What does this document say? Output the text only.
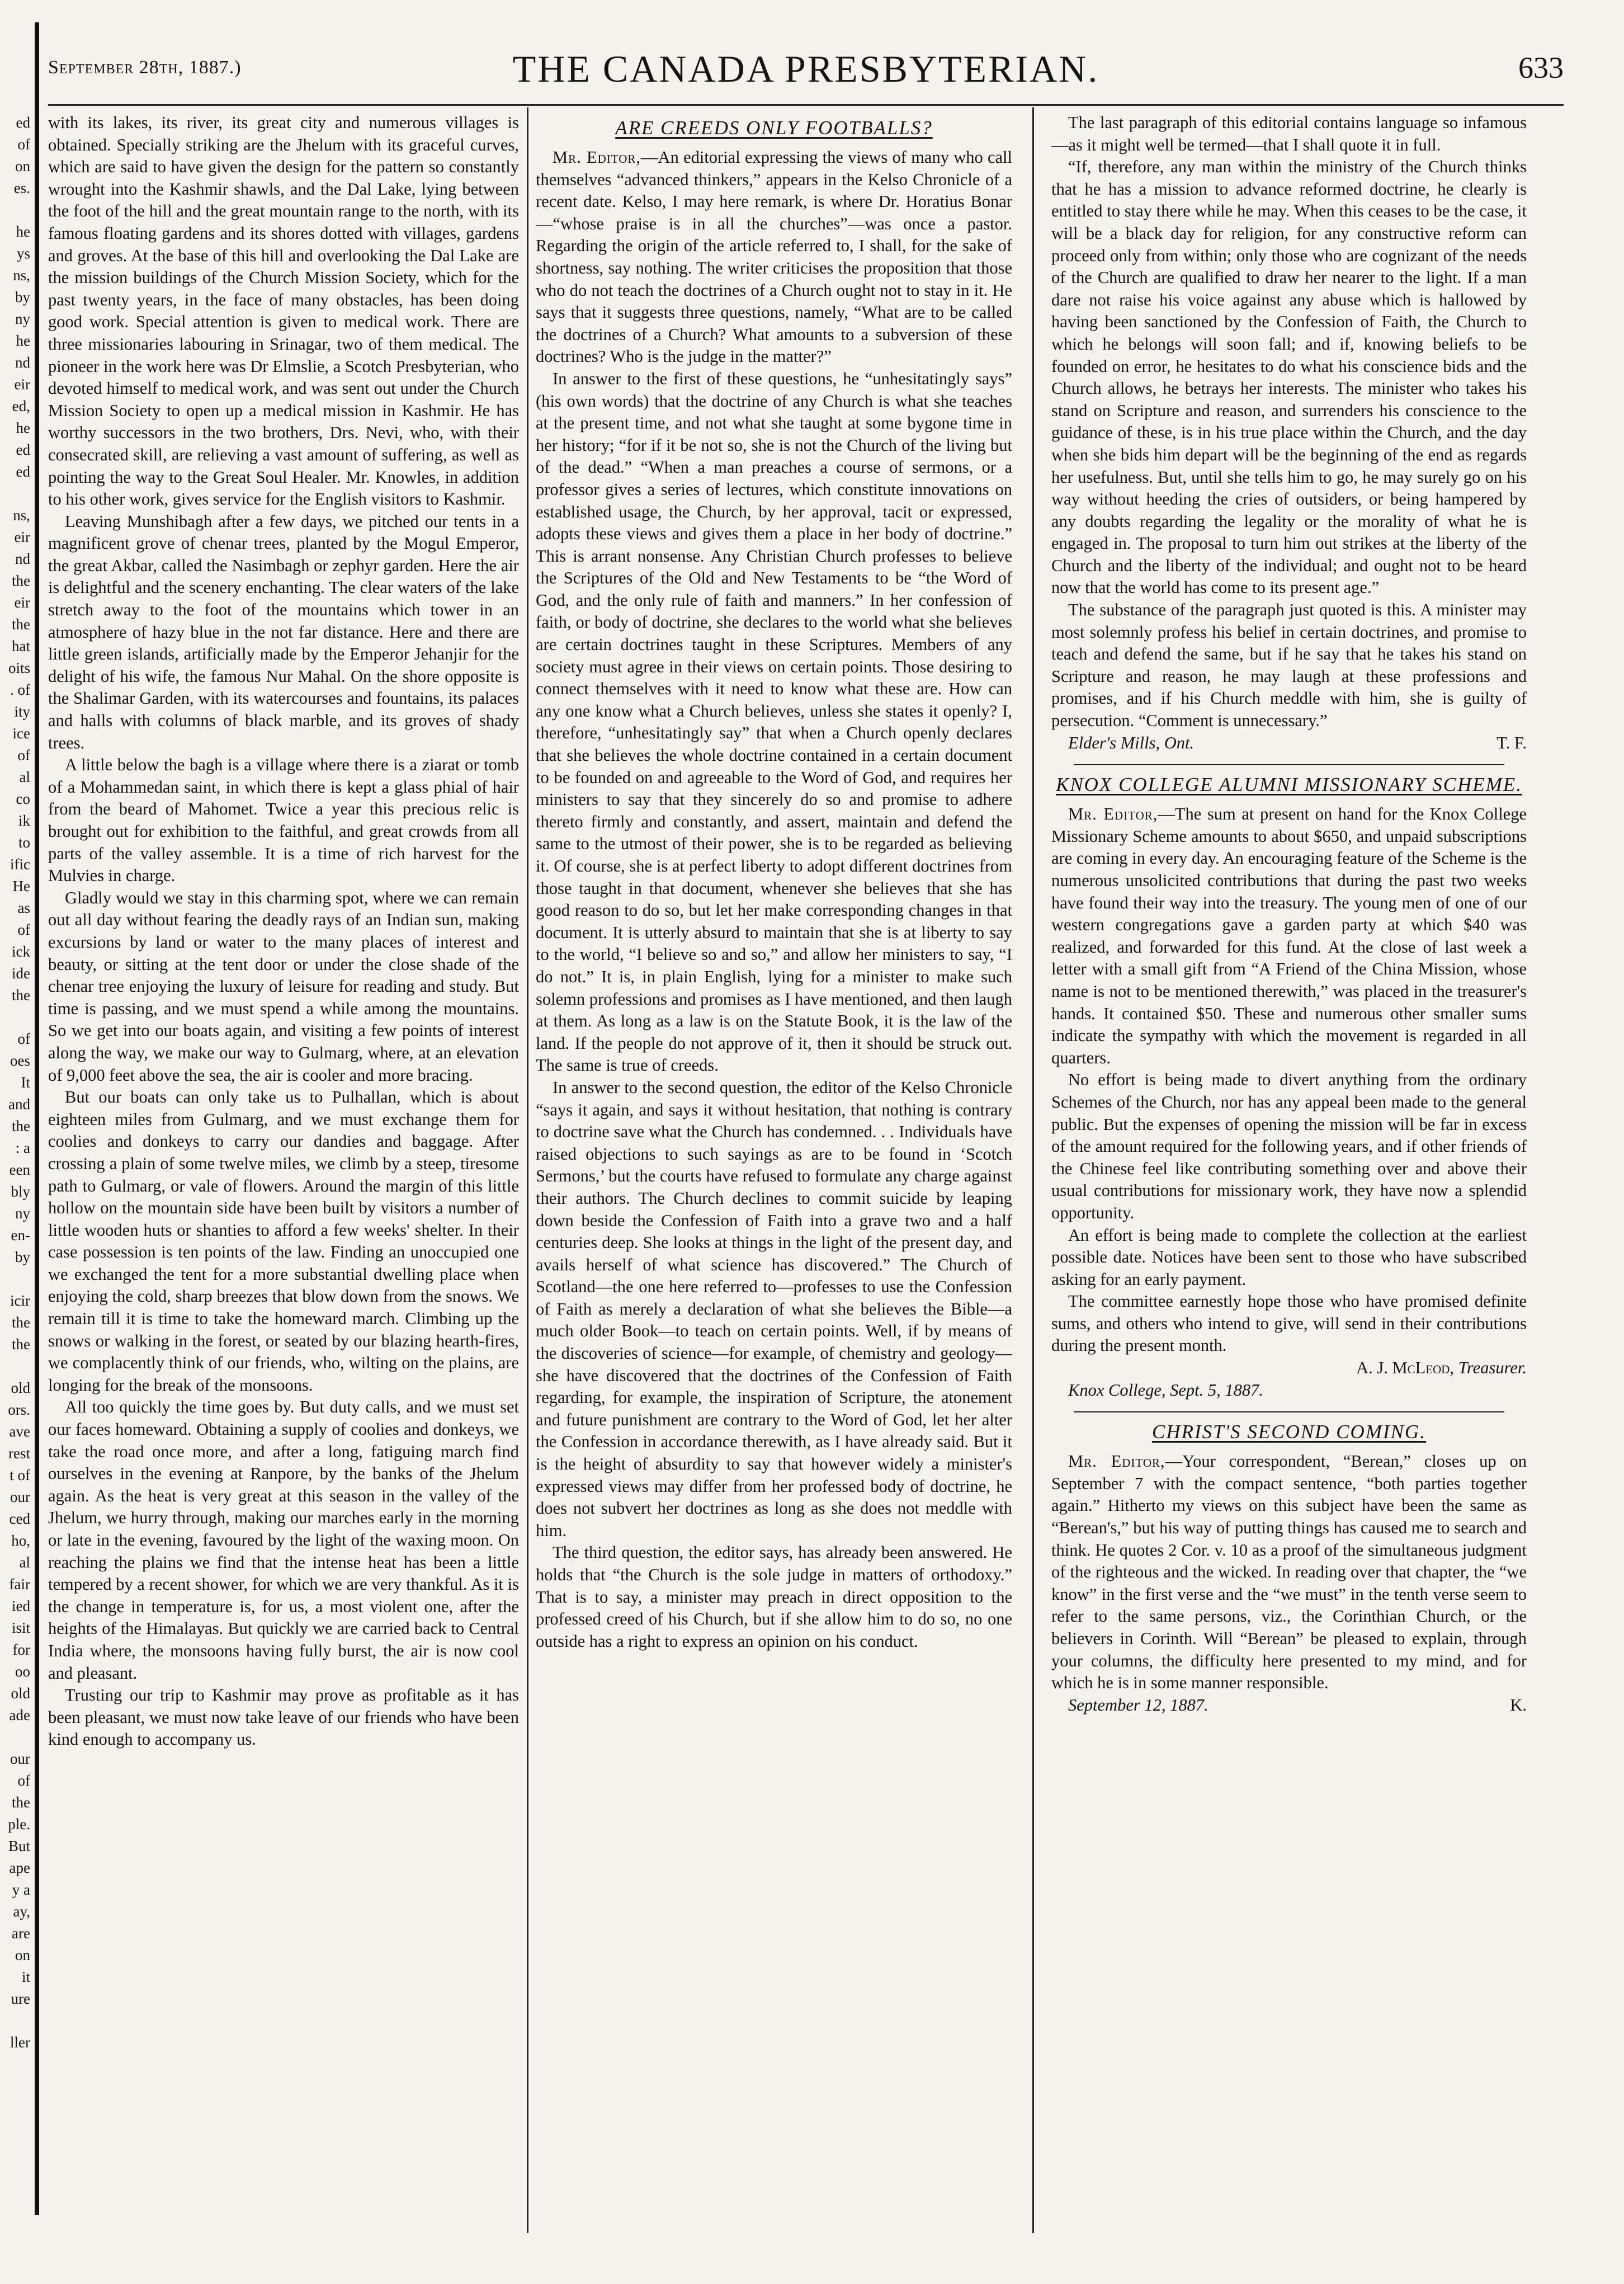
ed
of
on
es.
he
ys
ns,
by
ny
he
nd
eir
ed,
he
ed
ed
ns,
eir
nd
the
eir
the
hat
oits
. of
ity
ice
of
al
co
ik
to
ific
He
as
of
ick
ide
the
of
oes
It
and
the
: a
een
bly
ny
en-
by
icir
the
the
old
ors.
ave
rest
t of
our
ced
ho,
al
fair
ied
isit
for
oo
old
ade
our
of
the
ple.
But
ape
y a
ay,
are
on
it
ure
ller
September 28th, 1887.)	THE CANADA PRESBYTERIAN.	633

with its lakes, its river, its great city and numerous villages is obtained. Specially striking are the Jhelum with its graceful curves, which are said to have given the design for the pattern so constantly wrought into the Kashmir shawls, and the Dal Lake, lying between the foot of the hill and the great mountain range to the north, with its famous floating gardens and its shores dotted with villages, gardens and groves. At the base of this hill and overlooking the Dal Lake are the mission buildings of the Church Mission Society, which for the past twenty years, in the face of many obstacles, has been doing good work. Special attention is given to medical work. There are three missionaries labouring in Srinagar, two of them medical. The pioneer in the work here was Dr Elmslie, a Scotch Presbyterian, who devoted himself to medical work, and was sent out under the Church Mission Society to open up a medical mission in Kashmir. He has worthy successors in the two brothers, Drs. Nevi, who, with their consecrated skill, are relieving a vast amount of suffering, as well as pointing the way to the Great Soul Healer. Mr. Knowles, in addition to his other work, gives service for the English visitors to Kashmir.

Leaving Munshibagh after a few days, we pitched our tents in a magnificent grove of chenar trees, planted by the Mogul Emperor, the great Akbar, called the Nasimbagh or zephyr garden. Here the air is delightful and the scenery enchanting. The clear waters of the lake stretch away to the foot of the mountains which tower in an atmosphere of hazy blue in the not far distance. Here and there are little green islands, artificially made by the Emperor Jehanjir for the delight of his wife, the famous Nur Mahal. On the shore opposite is the Shalimar Garden, with its watercourses and fountains, its palaces and halls with columns of black marble, and its groves of shady trees.

A little below the bagh is a village where there is a ziarat or tomb of a Mohammedan saint, in which there is kept a glass phial of hair from the beard of Mahomet. Twice a year this precious relic is brought out for exhibition to the faithful, and great crowds from all parts of the valley assemble. It is a time of rich harvest for the Mulvies in charge.

Gladly would we stay in this charming spot, where we can remain out all day without fearing the deadly rays of an Indian sun, making excursions by land or water to the many places of interest and beauty, or sitting at the tent door or under the close shade of the chenar tree enjoying the luxury of leisure for reading and study. But time is passing, and we must spend a while among the mountains. So we get into our boats again, and visiting a few points of interest along the way, we make our way to Gulmarg, where, at an elevation of 9,000 feet above the sea, the air is cooler and more bracing.

But our boats can only take us to Pulhallan, which is about eighteen miles from Gulmarg, and we must exchange them for coolies and donkeys to carry our dandies and baggage. After crossing a plain of some twelve miles, we climb by a steep, tiresome path to Gulmarg, or vale of flowers. Around the margin of this little hollow on the mountain side have been built by visitors a number of little wooden huts or shanties to afford a few weeks' shelter. In their case possession is ten points of the law. Finding an unoccupied one we exchanged the tent for a more substantial dwelling place when enjoying the cold, sharp breezes that blow down from the snows. We remain till it is time to take the homeward march. Climbing up the snows or walking in the forest, or seated by our blazing hearth-fires, we complacently think of our friends, who, wilting on the plains, are longing for the break of the monsoons.

All too quickly the time goes by. But duty calls, and we must set our faces homeward. Obtaining a supply of coolies and donkeys, we take the road once more, and after a long, fatiguing march find ourselves in the evening at Ranpore, by the banks of the Jhelum again. As the heat is very great at this season in the valley of the Jhelum, we hurry through, making our marches early in the morning or late in the evening, favoured by the light of the waxing moon. On reaching the plains we find that the intense heat has been a little tempered by a recent shower, for which we are very thankful. As it is the change in temperature is, for us, a most violent one, after the heights of the Himalayas. But quickly we are carried back to Central India where, the monsoons having fully burst, the air is now cool and pleasant.

Trusting our trip to Kashmir may prove as profitable as it has been pleasant, we must now take leave of our friends who have been kind enough to accompany us.

ARE CREEDS ONLY FOOTBALLS?

Mr. Editor,—An editorial expressing the views of many who call themselves “advanced thinkers,” appears in the Kelso Chronicle of a recent date. Kelso, I may here remark, is where Dr. Horatius Bonar—“whose praise is in all the churches”—was once a pastor. Regarding the origin of the article referred to, I shall, for the sake of shortness, say nothing. The writer criticises the proposition that those who do not teach the doctrines of a Church ought not to stay in it. He says that it suggests three questions, namely, “What are to be called the doctrines of a Church? What amounts to a subversion of these doctrines? Who is the judge in the matter?”

In answer to the first of these questions, he “unhesitatingly says” (his own words) that the doctrine of any Church is what she teaches at the present time, and not what she taught at some bygone time in her history; “for if it be not so, she is not the Church of the living but of the dead.” “When a man preaches a course of sermons, or a professor gives a series of lectures, which constitute innovations on established usage, the Church, by her approval, tacit or expressed, adopts these views and gives them a place in her body of doctrine.” This is arrant nonsense. Any Christian Church professes to believe the Scriptures of the Old and New Testaments to be “the Word of God, and the only rule of faith and manners.” In her confession of faith, or body of doctrine, she declares to the world what she believes are certain doctrines taught in these Scriptures. Members of any society must agree in their views on certain points. Those desiring to connect themselves with it need to know what these are. How can any one know what a Church believes, unless she states it openly? I, therefore, “unhesitatingly say” that when a Church openly declares that she believes the whole doctrine contained in a certain document to be founded on and agreeable to the Word of God, and requires her ministers to say that they sincerely do so and promise to adhere thereto firmly and constantly, and assert, maintain and defend the same to the utmost of their power, she is to be regarded as believing it. Of course, she is at perfect liberty to adopt different doctrines from those taught in that document, whenever she believes that she has good reason to do so, but let her make corresponding changes in that document. It is utterly absurd to maintain that she is at liberty to say to the world, “I believe so and so,” and allow her ministers to say, “I do not.” It is, in plain English, lying for a minister to make such solemn professions and promises as I have mentioned, and then laugh at them. As long as a law is on the Statute Book, it is the law of the land. If the people do not approve of it, then it should be struck out. The same is true of creeds.

In answer to the second question, the editor of the Kelso Chronicle “says it again, and says it without hesitation, that nothing is contrary to doctrine save what the Church has condemned. . . Individuals have raised objections to such sayings as are to be found in ‘Scotch Sermons,’ but the courts have refused to formulate any charge against their authors. The Church declines to commit suicide by leaping down beside the Confession of Faith into a grave two and a half centuries deep. She looks at things in the light of the present day, and avails herself of what science has discovered.” The Church of Scotland—the one here referred to—professes to use the Confession of Faith as merely a declaration of what she believes the Bible—a much older Book—to teach on certain points. Well, if by means of the discoveries of science—for example, of chemistry and geology—she have discovered that the doctrines of the Confession of Faith regarding, for example, the inspiration of Scripture, the atonement and future punishment are contrary to the Word of God, let her alter the Confession in accordance therewith, as I have already said. But it is the height of absurdity to say that however widely a minister's expressed views may differ from her professed body of doctrine, he does not subvert her doctrines as long as she does not meddle with him.

The third question, the editor says, has already been answered. He holds that “the Church is the sole judge in matters of orthodoxy.” That is to say, a minister may preach in direct opposition to the professed creed of his Church, but if she allow him to do so, no one outside has a right to express an opinion on his conduct.

The last paragraph of this editorial contains language so infamous—as it might well be termed—that I shall quote it in full.

“If, therefore, any man within the ministry of the Church thinks that he has a mission to advance reformed doctrine, he clearly is entitled to stay there while he may. When this ceases to be the case, it will be a black day for religion, for any constructive reform can proceed only from within; only those who are cognizant of the needs of the Church are qualified to draw her nearer to the light. If a man dare not raise his voice against any abuse which is hallowed by having been sanctioned by the Confession of Faith, the Church to which he belongs will soon fall; and if, knowing beliefs to be founded on error, he hesitates to do what his conscience bids and the Church allows, he betrays her interests. The minister who takes his stand on Scripture and reason, and surrenders his conscience to the guidance of these, is in his true place within the Church, and the day when she bids him depart will be the beginning of the end as regards her usefulness. But, until she tells him to go, he may surely go on his way without heeding the cries of outsiders, or being hampered by any doubts regarding the legality or the morality of what he is engaged in. The proposal to turn him out strikes at the liberty of the Church and the liberty of the individual; and ought not to be heard now that the world has come to its present age.”

The substance of the paragraph just quoted is this. A minister may most solemnly profess his belief in certain doctrines, and promise to teach and defend the same, but if he say that he takes his stand on Scripture and reason, he may laugh at these professions and promises, and if his Church meddle with him, she is guilty of persecution. “Comment is unnecessary.”

Elder's Mills, Ont.	T. F.
KNOX COLLEGE ALUMNI MISSIONARY SCHEME.

Mr. Editor,—The sum at present on hand for the Knox College Missionary Scheme amounts to about $650, and unpaid subscriptions are coming in every day. An encouraging feature of the Scheme is the numerous unsolicited contributions that during the past two weeks have found their way into the treasury. The young men of one of our western congregations gave a garden party at which $40 was realized, and forwarded for this fund. At the close of last week a letter with a small gift from “A Friend of the China Mission, whose name is not to be mentioned therewith,” was placed in the treasurer's hands. It contained $50. These and numerous other smaller sums indicate the sympathy with which the movement is regarded in all quarters.

No effort is being made to divert anything from the ordinary Schemes of the Church, nor has any appeal been made to the general public. But the expenses of opening the mission will be far in excess of the amount required for the following years, and if other friends of the Chinese feel like contributing something over and above their usual contributions for missionary work, they have now a splendid opportunity.

An effort is being made to complete the collection at the earliest possible date. Notices have been sent to those who have subscribed asking for an early payment.

The committee earnestly hope those who have promised definite sums, and others who intend to give, will send in their contributions during the present month.

A. J. McLeod, Treasurer.
Knox College, Sept. 5, 1887.
CHRIST'S SECOND COMING.

Mr. Editor,—Your correspondent, “Berean,” closes up on September 7 with the compact sentence, “both parties together again.” Hitherto my views on this subject have been the same as “Berean's,” but his way of putting things has caused me to search and think. He quotes 2 Cor. v. 10 as a proof of the simultaneous judgment of the righteous and the wicked. In reading over that chapter, the “we know” in the first verse and the “we must” in the tenth verse seem to refer to the same persons, viz., the Corinthian Church, or the believers in Corinth. Will “Berean” be pleased to explain, through your columns, the difficulty here presented to my mind, and for which he is in some manner responsible.

September 12, 1887.	K.
